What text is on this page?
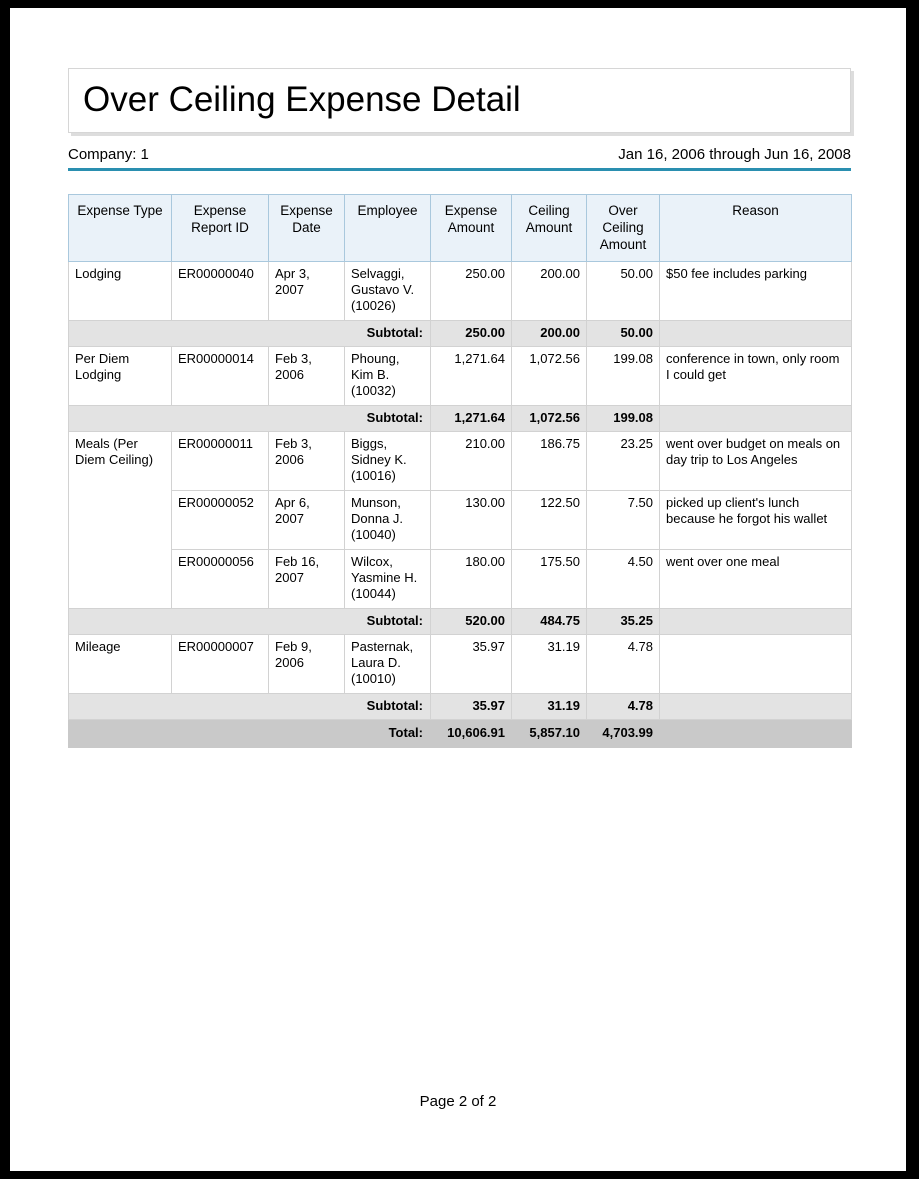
Over Ceiling Expense Detail
Company: 1	Jan 16, 2006 through Jun 16, 2008
Expense Type	Expense Report ID	Expense Date	Employee	Expense Amount	Ceiling Amount	Over Ceiling Amount	Reason
Lodging	ER00000040	Apr 3, 2007	Selvaggi, Gustavo V. (10026)	250.00	200.00	50.00	$50 fee includes parking
Subtotal:				250.00	200.00	50.00	
Per Diem Lodging	ER00000014	Feb 3, 2006	Phoung, Kim B. (10032)	1,271.64	1,072.56	199.08	conference in town, only room I could get
Subtotal:				1,271.64	1,072.56	199.08	
Meals (Per Diem Ceiling)	ER00000011	Feb 3, 2006	Biggs, Sidney K. (10016)	210.00	186.75	23.25	went over budget on meals on day trip to Los Angeles
	ER00000052	Apr 6, 2007	Munson, Donna J. (10040)	130.00	122.50	7.50	picked up client's lunch because he forgot his wallet
	ER00000056	Feb 16, 2007	Wilcox, Yasmine H. (10044)	180.00	175.50	4.50	went over one meal
Subtotal:				520.00	484.75	35.25	
Mileage	ER00000007	Feb 9, 2006	Pasternak, Laura D. (10010)	35.97	31.19	4.78	
Subtotal:				35.97	31.19	4.78	
Total:				10,606.91	5,857.10	4,703.99	
Page 2 of 2
